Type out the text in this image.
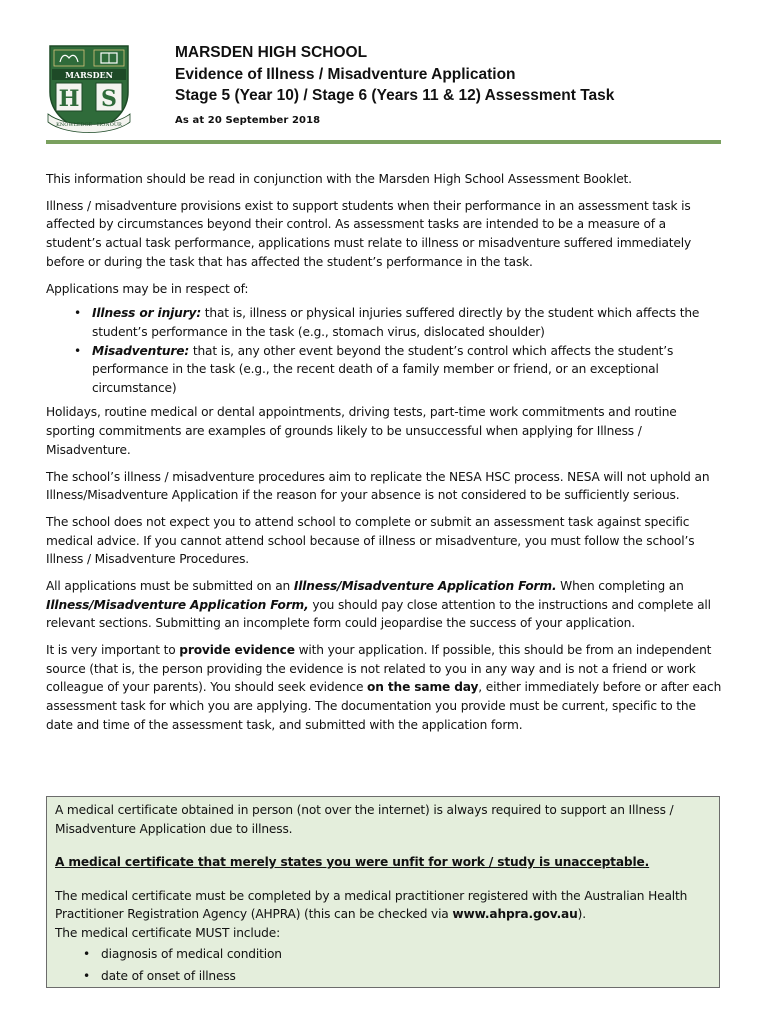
MARSDEN
H S
KNOWLEDGE · HONOUR
MARSDEN HIGH SCHOOL
Evidence of Illness / Misadventure Application
Stage 5 (Year 10) / Stage 6 (Years 11 & 12) Assessment Task
As at 20 September 2018

This information should be read in conjunction with the Marsden High School Assessment Booklet.

Illness / misadventure provisions exist to support students when their performance in an assessment task is affected by circumstances beyond their control. As assessment tasks are intended to be a measure of a student’s actual task performance, applications must relate to illness or misadventure suffered immediately before or during the task that has affected the student’s performance in the task.

Applications may be in respect of:

• Illness or injury: that is, illness or physical injuries suffered directly by the student which affects the student’s performance in the task (e.g., stomach virus, dislocated shoulder)
• Misadventure: that is, any other event beyond the student’s control which affects the student’s performance in the task (e.g., the recent death of a family member or friend, or an exceptional circumstance)

Holidays, routine medical or dental appointments, driving tests, part-time work commitments and routine sporting commitments are examples of grounds likely to be unsuccessful when applying for Illness / Misadventure.

The school’s illness / misadventure procedures aim to replicate the NESA HSC process. NESA will not uphold an Illness/Misadventure Application if the reason for your absence is not considered to be sufficiently serious.

The school does not expect you to attend school to complete or submit an assessment task against specific medical advice. If you cannot attend school because of illness or misadventure, you must follow the school’s Illness / Misadventure Procedures.

All applications must be submitted on an Illness/Misadventure Application Form. When completing an Illness/Misadventure Application Form, you should pay close attention to the instructions and complete all relevant sections. Submitting an incomplete form could jeopardise the success of your application.

It is very important to provide evidence with your application. If possible, this should be from an independent source (that is, the person providing the evidence is not related to you in any way and is not a friend or work colleague of your parents). You should seek evidence on the same day, either immediately before or after each assessment task for which you are applying. The documentation you provide must be current, specific to the date and time of the assessment task, and submitted with the application form.

A medical certificate obtained in person (not over the internet) is always required to support an Illness / Misadventure Application due to illness.

A medical certificate that merely states you were unfit for work / study is unacceptable.

The medical certificate must be completed by a medical practitioner registered with the Australian Health Practitioner Registration Agency (AHPRA) (this can be checked via www.ahpra.gov.au).

The medical certificate MUST include:

• diagnosis of medical condition
• date of onset of illness
